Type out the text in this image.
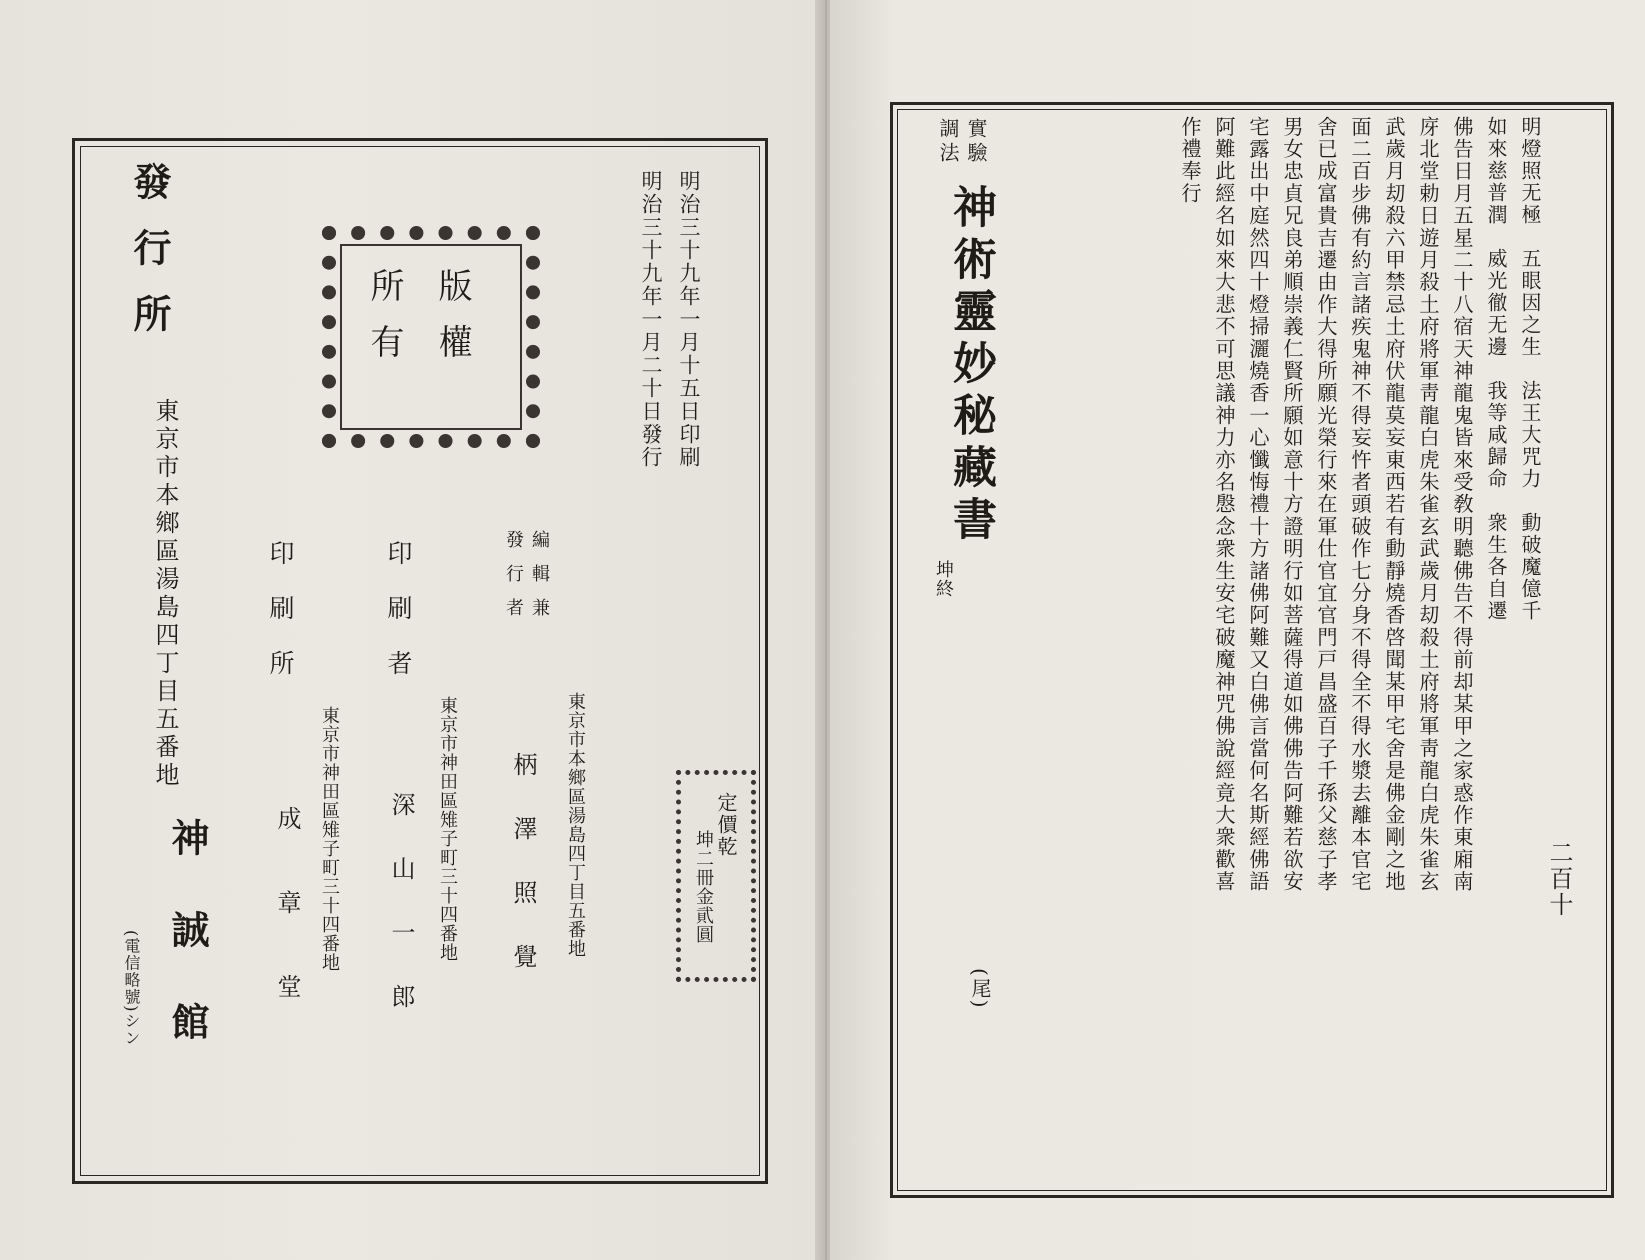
明治三十九年一月十五日印刷
明治三十九年一月二十日發行
版權
所有
定價乾
坤二冊金貮圓
編輯兼
發行者
東京市本鄉區湯島四丁目五番地
柄澤照覺
印刷者
東京市神田區雉子町三十四番地
深山一郎
印刷所
東京市神田區雉子町三十四番地
成章堂
發行所
東京市本鄉區湯島四丁目五番地
神誠館
(電信略號)シン
二百十
明燈照无極　五眼因之生　法王大咒力　動破魔億千
如來慈普潤　威光徹无邊　我等咸歸命　衆生各自遷
佛告日月五星二十八宿天神龍鬼皆來受敎明聽佛告不得前却某甲之家惑作東廂南
庌北堂勅日遊月殺土府將軍靑龍白虎朱雀玄武歲月刧殺土府將軍靑龍白虎朱雀玄
武歲月刧殺六甲禁忌土府伏龍莫妄東西若有動靜燒香啓聞某甲宅舍是佛金剛之地
面二百步佛有約言諸疾鬼神不得妄忤者頭破作七分身不得全不得水漿去離本官宅
舍已成富貴吉遷由作大得所願光榮行來在軍仕官宜官門戸昌盛百子千孫父慈子孝
男女忠貞兄良弟順崇義仁賢所願如意十方證明行如菩薩得道如佛佛告阿難若欲安
宅露出中庭然四十燈掃灑燒香一心懺悔禮十方諸佛阿難又白佛言當何名斯經佛語
阿難此經名如來大悲不可思議神力亦名慇念衆生安宅破魔神咒佛說經竟大衆歡喜
作禮奉行
(尾)
實驗
調法
神術靈妙秘藏書
坤終
